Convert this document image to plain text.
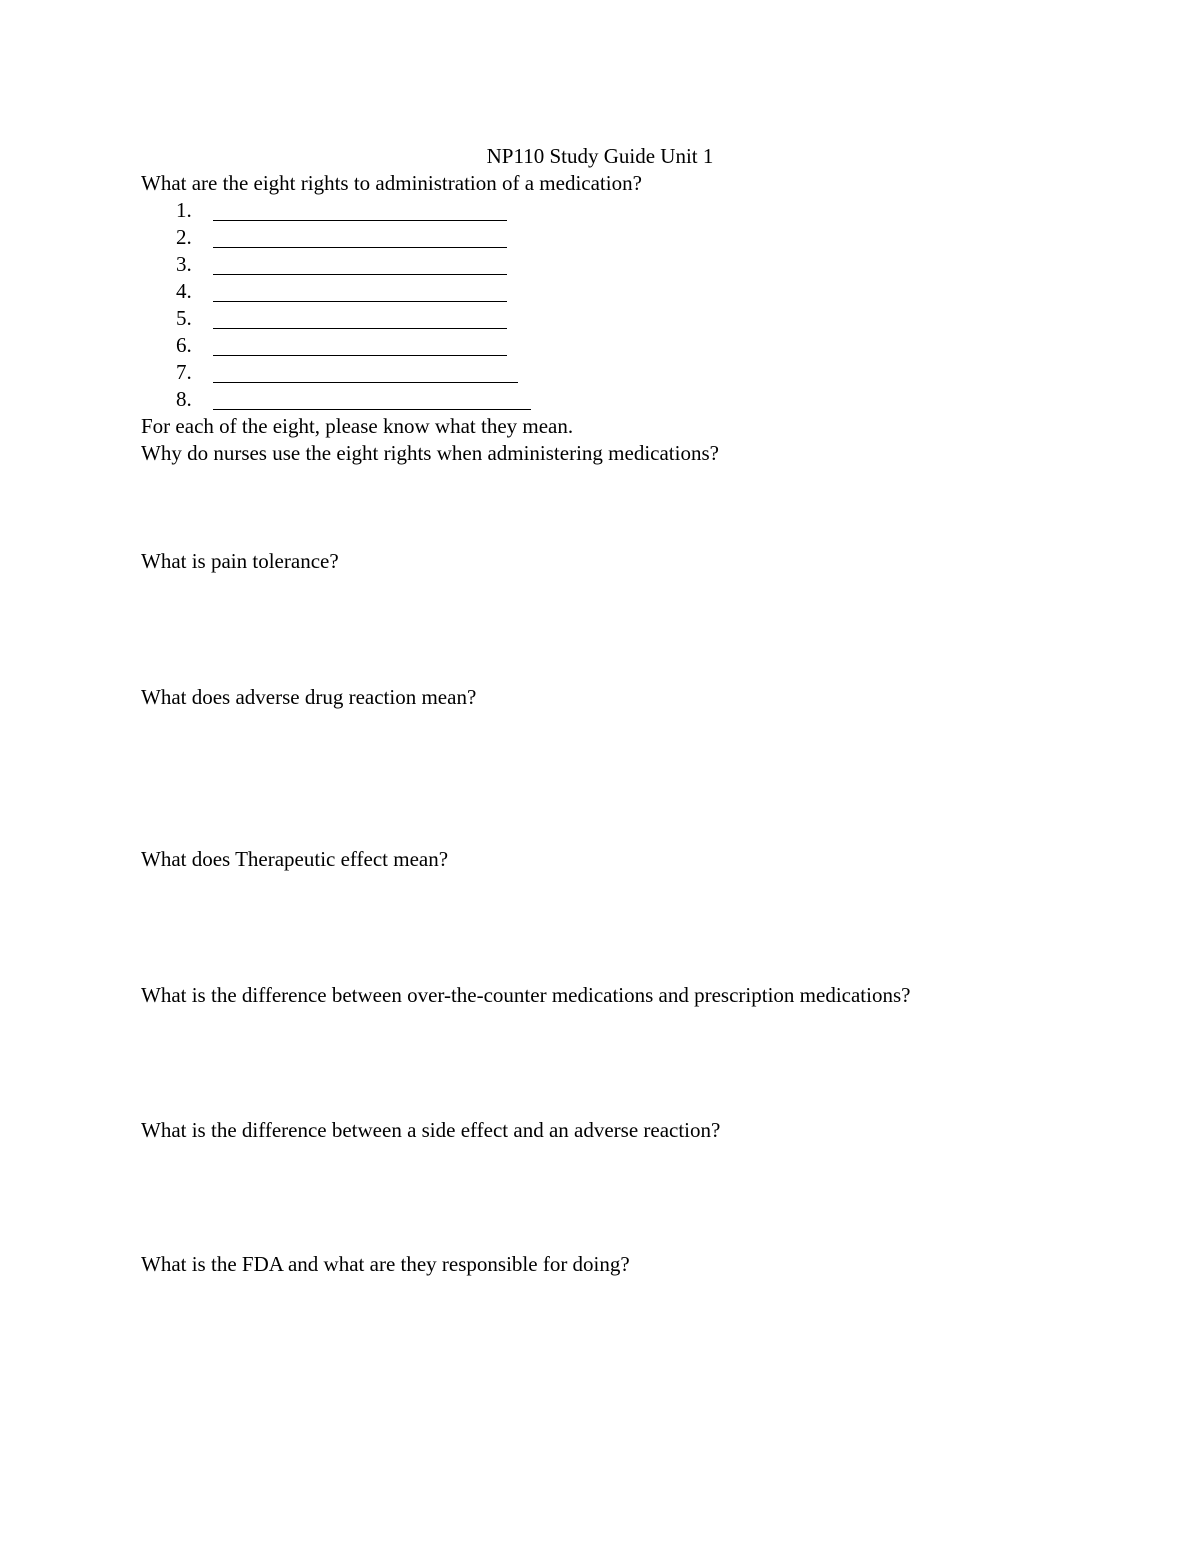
NP110 Study Guide Unit 1
What are the eight rights to administration of a medication?
1.
2.
3.
4.
5.
6.
7.
8.
For each of the eight, please know what they mean.
Why do nurses use the eight rights when administering medications?
What is pain tolerance?
What does adverse drug reaction mean?
What does Therapeutic effect mean?
What is the difference between over-the-counter medications and prescription medications?
What is the difference between a side effect and an adverse reaction?
What is the FDA and what are they responsible for doing?
